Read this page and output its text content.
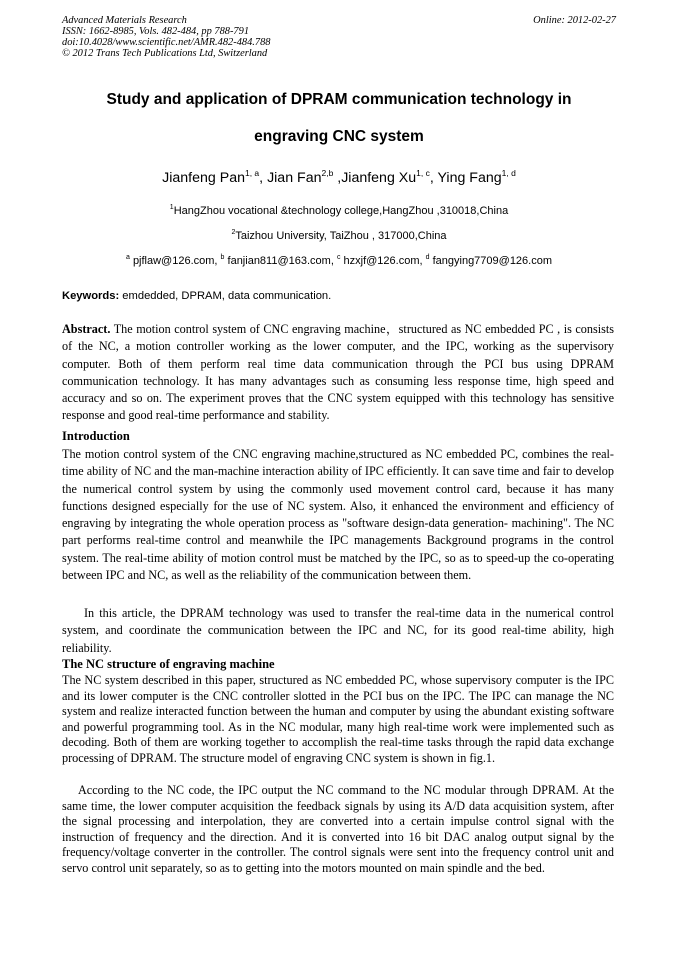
Advanced Materials Research
ISSN: 1662-8985, Vols. 482-484, pp 788-791
doi:10.4028/www.scientific.net/AMR.482-484.788
© 2012 Trans Tech Publications Ltd, Switzerland
Online: 2012-02-27
Study and application of DPRAM communication technology in
engraving CNC system
Jianfeng Pan$^{1, a}$, Jian Fan$^{2,b}$ ,Jianfeng Xu$^{1, c}$, Ying Fang$^{1, d}$
$^1$HangZhou vocational &technology college,HangZhou ,310018,China
$^2$Taizhou University, TaiZhou , 317000,China
$^a$ pjflaw@126.com, $^b$ fanjian811@163.com, $^c$ hzxjf@126.com, $^d$ fangying7709@126.com
Keywords: emdedded, DPRAM, data communication.
Abstract. The motion control system of CNC engraving machine，structured as NC embedded PC , is consists of the NC, a motion controller working as the lower computer, and the IPC, working as the supervisory computer. Both of them perform real time data communication through the PCI bus using DPRAM communication technology. It has many advantages such as consuming less response time, high speed and accuracy and so on. The experiment proves that the CNC system equipped with this technology has sensitive response and good real-time performance and stability.
Introduction
The motion control system of the CNC engraving machine,structured as NC embedded PC, combines the real-time ability of NC and the man-machine interaction ability of IPC efficiently. It can save time and fair to develop the numerical control system by using the commonly used movement control card, because it has many functions designed especially for the use of NC system. Also, it enhanced the environment and efficiency of engraving by integrating the whole operation process as "software design-data generation- machining". The NC part performs real-time control and meanwhile the IPC managements Background programs in the control system. The real-time ability of motion control must be matched by the IPC, so as to speed-up the co-operating between IPC and NC, as well as the reliability of the communication between them.
In this article, the DPRAM technology was used to transfer the real-time data in the numerical control system, and coordinate the communication between the IPC and NC, for its good real-time ability, high reliability.
The NC structure of engraving machine
The NC system described in this paper, structured as NC embedded PC, whose supervisory computer is the IPC and its lower computer is the CNC controller slotted in the PCI bus on the IPC. The IPC can manage the NC system and realize interacted function between the human and computer by using the abundant existing software and powerful programming tool. As in the NC modular, many high real-time work were implemented such as decoding. Both of them are working together to accomplish the real-time tasks through the rapid data exchange processing of DPRAM. The structure model of engraving CNC system is shown in fig.1.
According to the NC code, the IPC output the NC command to the NC modular through DPRAM. At the same time, the lower computer acquisition the feedback signals by using its A/D data acquisition system, after the signal processing and interpolation, they are converted into a certain impulse control signal with the instruction of frequency and the direction. And it is converted into 16 bit DAC analog output signal by the frequency/voltage converter in the controller. The control signals were sent into the frequency control unit and servo control unit separately, so as to getting into the motors mounted on main spindle and the bed.
